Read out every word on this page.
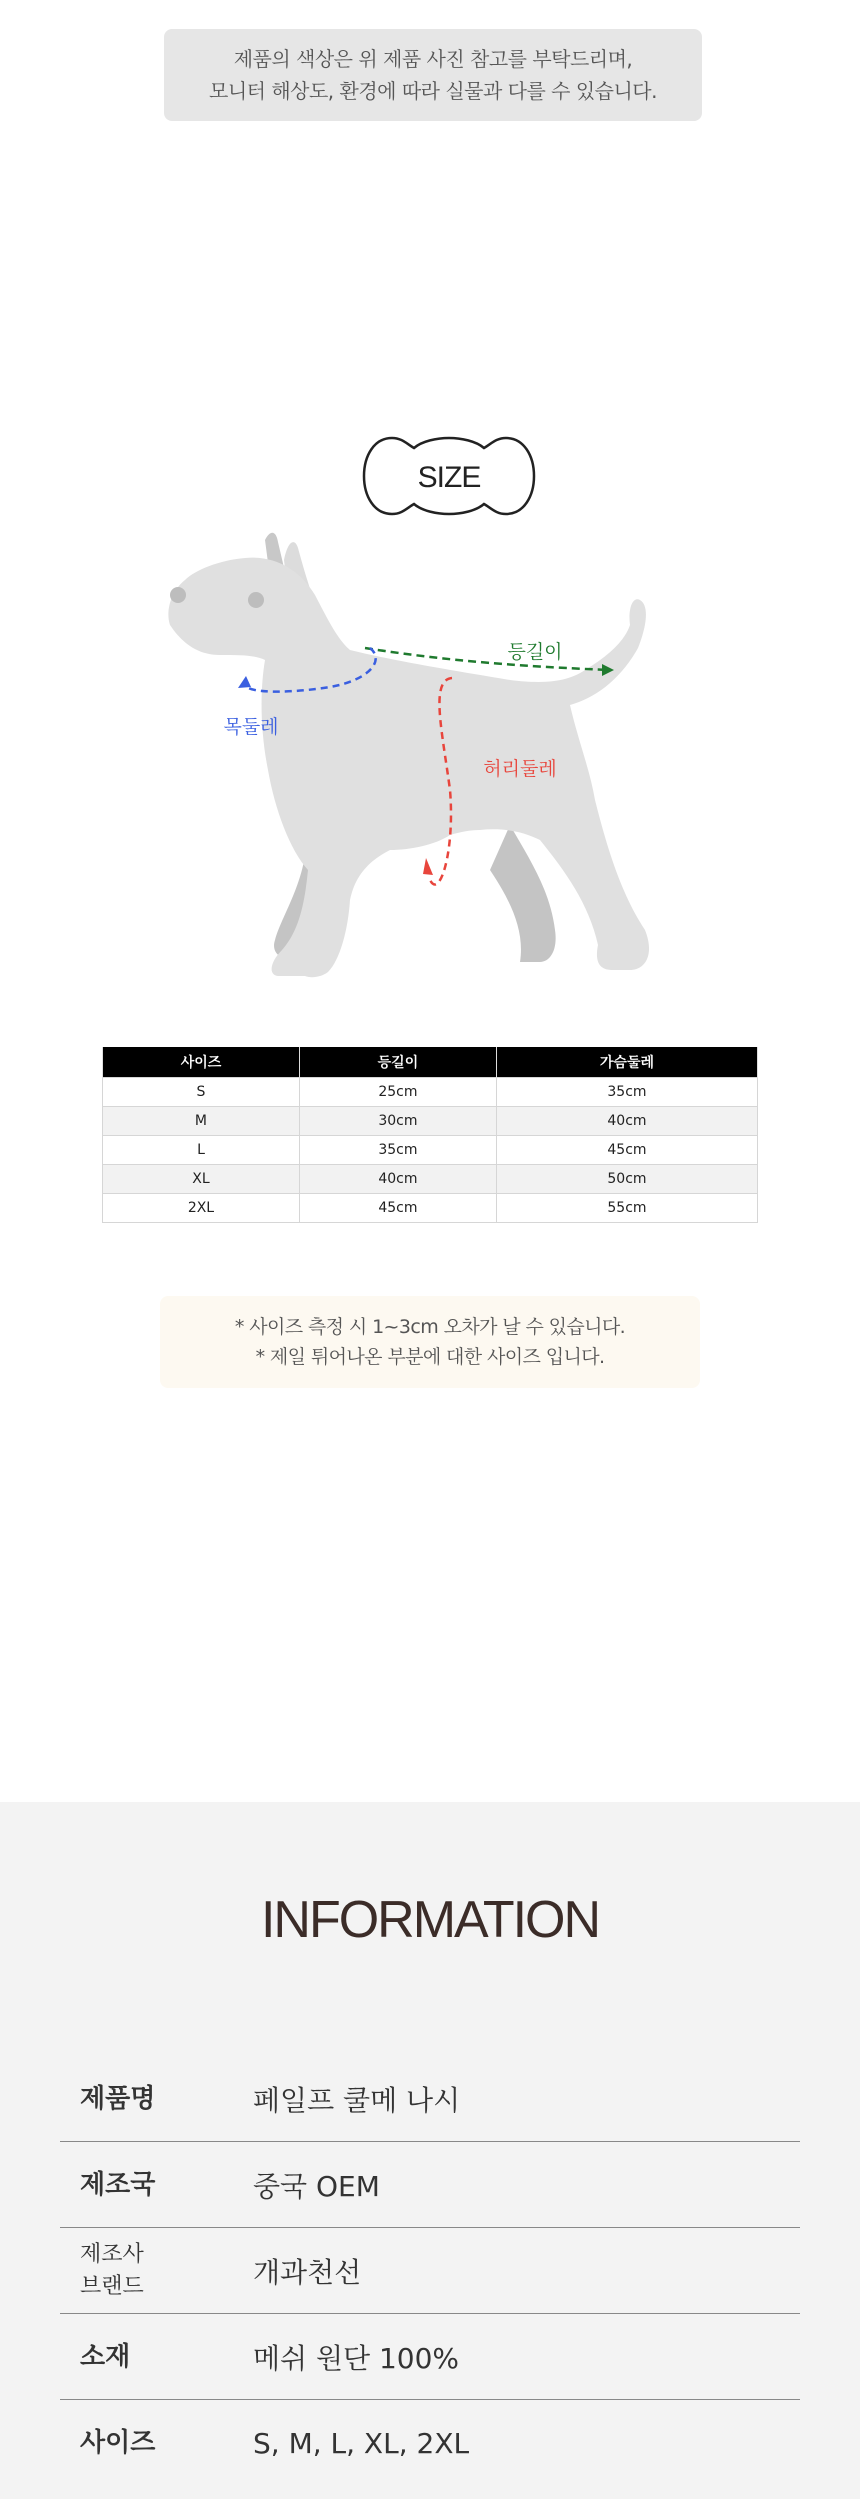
제품의 색상은 위 제품 사진 참고를 부탁드리며,
모니터 해상도, 환경에 따라 실물과 다를 수 있습니다.
SIZE
등길이
목둘레
허리둘레
사이즈	등길이	가슴둘레
S	25cm	35cm
M	30cm	40cm
L	35cm	45cm
XL	40cm	50cm
2XL	45cm	55cm
* 사이즈 측정 시 1~3cm 오차가 날 수 있습니다.
* 제일 튀어나온 부분에 대한 사이즈 입니다.
INFORMATION
제품명	페일프 쿨메 나시
제조국	중국 OEM
제조사
브랜드	개과천선
소재	메쉬 원단 100%
사이즈	S, M, L, XL, 2XL
